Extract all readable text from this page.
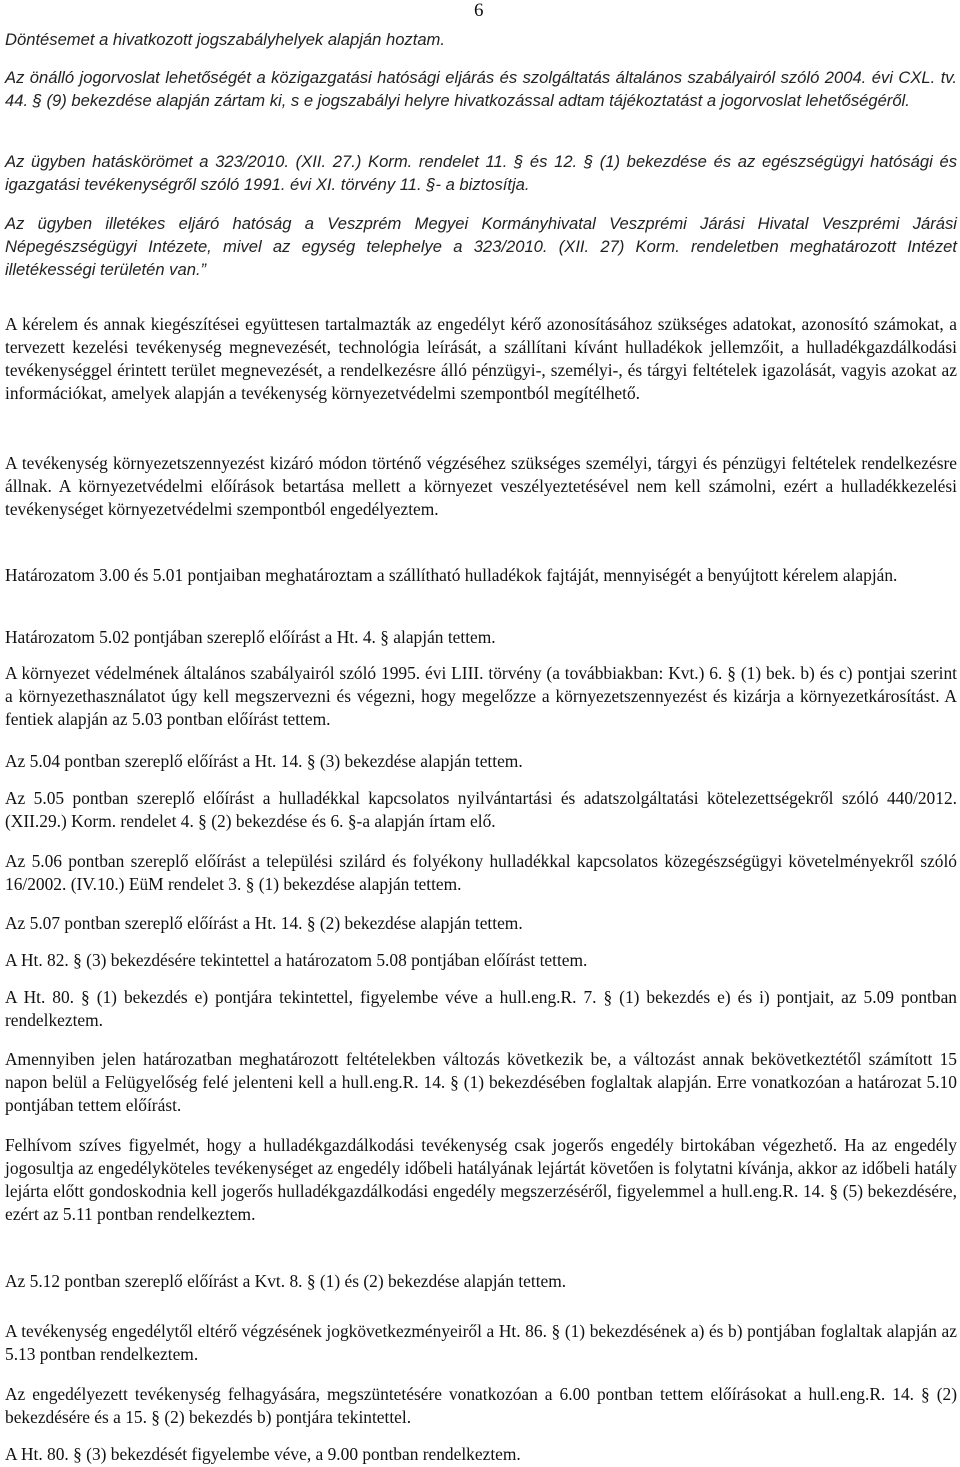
6

Döntésemet a hivatkozott jogszabályhelyek alapján hoztam.

Az önálló jogorvoslat lehetőségét a közigazgatási hatósági eljárás és szolgáltatás általános szabályairól szóló 2004. évi CXL. tv. 44. § (9) bekezdése alapján zártam ki, s e jogszabályi helyre hivatkozással adtam tájékoztatást a jogorvoslat lehetőségéről.

Az ügyben hatáskörömet a 323/2010. (XII. 27.) Korm. rendelet 11. § és 12. § (1) bekezdése és az egészségügyi hatósági és igazgatási tevékenységről szóló 1991. évi XI. törvény 11. §- a biztosítja.

Az ügyben illetékes eljáró hatóság a Veszprém Megyei Kormányhivatal Veszprémi Járási Hivatal Veszprémi Járási Népegészségügyi Intézete, mivel az egység telephelye a 323/2010. (XII. 27) Korm. rendeletben meghatározott Intézet illetékességi területén van.”

A kérelem és annak kiegészítései együttesen tartalmazták az engedélyt kérő azonosításához szükséges adatokat, azonosító számokat, a tervezett kezelési tevékenység megnevezését, technológia leírását, a szállítani kívánt hulladékok jellemzőit, a hulladékgazdálkodási tevékenységgel érintett terület megnevezését, a rendelkezésre álló pénzügyi-, személyi-, és tárgyi feltételek igazolását, vagyis azokat az információkat, amelyek alapján a tevékenység környezetvédelmi szempontból megítélhető.

A tevékenység környezetszennyezést kizáró módon történő végzéséhez szükséges személyi, tárgyi és pénzügyi feltételek rendelkezésre állnak. A környezetvédelmi előírások betartása mellett a környezet veszélyeztetésével nem kell számolni, ezért a hulladékkezelési tevékenységet környezetvédelmi szempontból engedélyeztem.

Határozatom 3.00 és 5.01 pontjaiban meghatároztam a szállítható hulladékok fajtáját, mennyiségét a benyújtott kérelem alapján.

Határozatom 5.02 pontjában szereplő előírást a Ht. 4. § alapján tettem.

A környezet védelmének általános szabályairól szóló 1995. évi LIII. törvény (a továbbiakban: Kvt.) 6. § (1) bek. b) és c) pontjai szerint a környezethasználatot úgy kell megszervezni és végezni, hogy megelőzze a környezetszennyezést és kizárja a környezetkárosítást. A fentiek alapján az 5.03 pontban előírást tettem.

Az 5.04 pontban szereplő előírást a Ht. 14. § (3) bekezdése alapján tettem.

Az 5.05 pontban szereplő előírást a hulladékkal kapcsolatos nyilvántartási és adatszolgáltatási kötelezettségekről szóló 440/2012. (XII.29.) Korm. rendelet 4. § (2) bekezdése és 6. §-a alapján írtam elő.

Az 5.06 pontban szereplő előírást a települési szilárd és folyékony hulladékkal kapcsolatos közegészségügyi követelményekről szóló 16/2002. (IV.10.) EüM rendelet 3. § (1) bekezdése alapján tettem.

Az 5.07 pontban szereplő előírást a Ht. 14. § (2) bekezdése alapján tettem.

A Ht. 82. § (3) bekezdésére tekintettel a határozatom 5.08 pontjában előírást tettem.

A Ht. 80. § (1) bekezdés e) pontjára tekintettel, figyelembe véve a hull.eng.R. 7. § (1) bekezdés e) és i) pontjait, az 5.09 pontban rendelkeztem.

Amennyiben jelen határozatban meghatározott feltételekben változás következik be, a változást annak bekövetkeztétől számított 15 napon belül a Felügyelőség felé jelenteni kell a hull.eng.R. 14. § (1) bekezdésében foglaltak alapján. Erre vonatkozóan a határozat 5.10 pontjában tettem előírást.

Felhívom szíves figyelmét, hogy a hulladékgazdálkodási tevékenység csak jogerős engedély birtokában végezhető. Ha az engedély jogosultja az engedélyköteles tevékenységet az engedély időbeli hatályának lejártát követően is folytatni kívánja, akkor az időbeli hatály lejárta előtt gondoskodnia kell jogerős hulladékgazdálkodási engedély megszerzéséről, figyelemmel a hull.eng.R. 14. § (5) bekezdésére, ezért az 5.11 pontban rendelkeztem.

Az 5.12 pontban szereplő előírást a Kvt. 8. § (1) és (2) bekezdése alapján tettem.

A tevékenység engedélytől eltérő végzésének jogkövetkezményeiről a Ht. 86. § (1) bekezdésének a) és b) pontjában foglaltak alapján az 5.13 pontban rendelkeztem.

Az engedélyezett tevékenység felhagyására, megszüntetésére vonatkozóan a 6.00 pontban tettem előírásokat a hull.eng.R. 14. § (2) bekezdésére és a 15. § (2) bekezdés b) pontjára tekintettel.

A Ht. 80. § (3) bekezdését figyelembe véve, a 9.00 pontban rendelkeztem.
